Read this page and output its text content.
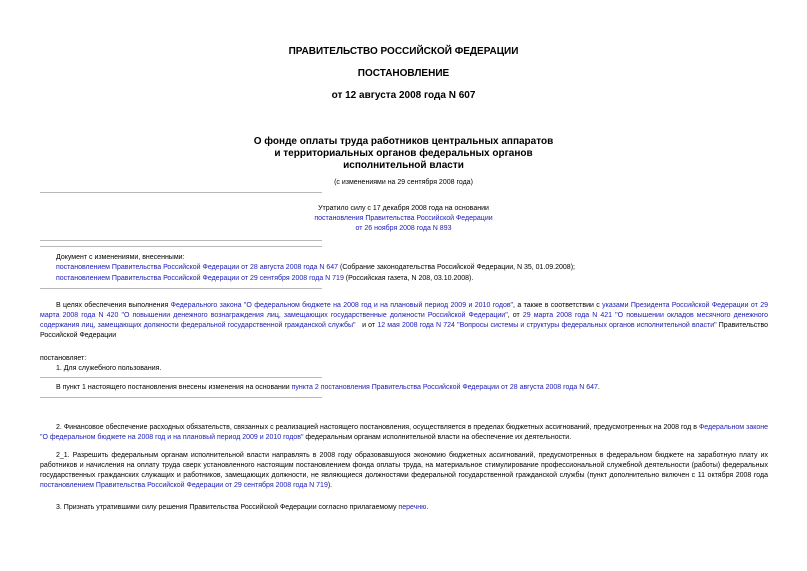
ПРАВИТЕЛЬСТВО РОССИЙСКОЙ ФЕДЕРАЦИИ
ПОСТАНОВЛЕНИЕ
от 12 августа 2008 года N 607
О фонде оплаты труда работников центральных аппаратов
и территориальных органов федеральных органов
исполнительной власти
(с изменениями на 29 сентября 2008 года)
Утратило силу с 17 декабря 2008 года на основании
постановления Правительства Российской Федерации
от 26 ноября 2008 года N 893
Документ с изменениями, внесенными:
постановлением Правительства Российской Федерации от 28 августа 2008 года N 647 (Собрание законодательства Российской Федерации, N 35, 01.09.2008);
постановлением Правительства Российской Федерации от 29 сентября 2008 года N 719 (Российская газета, N 208, 03.10.2008).
В целях обеспечения выполнения Федерального закона "О федеральном бюджете на 2008 год и на плановый период 2009 и 2010 годов", а также в соответствии с указами Президента Российской Федерации от 29 марта 2008 года N 420 "О повышении денежного вознаграждения лиц, замещающих государственные должности Российской Федерации", от 29 марта 2008 года N 421 "О повышении окладов месячного денежного содержания лиц, замещающих должности федеральной государственной гражданской службы"   и от 12 мая 2008 года N 724 "Вопросы системы и структуры федеральных органов исполнительной власти" Правительство Российской Федерации
постановляет:
1. Для служебного пользования.
В пункт 1 настоящего постановления внесены изменения на основании пункта 2 постановления Правительства Российской Федерации от 28 августа 2008 года N 647.
2. Финансовое обеспечение расходных обязательств, связанных с реализацией настоящего постановления, осуществляется в пределах бюджетных ассигнований, предусмотренных на 2008 год в Федеральном законе "О федеральном бюджете на 2008 год и на плановый период 2009 и 2010 годов" федеральным органам исполнительной власти на обеспечение их деятельности.
2_1. Разрешить федеральным органам исполнительной власти направлять в 2008 году образовавшуюся экономию бюджетных ассигнований, предусмотренных в федеральном бюджете на заработную плату их работников и начисления на оплату труда сверх установленного настоящим постановлением фонда оплаты труда, на материальное стимулирование профессиональной служебной деятельности (работы) федеральных государственных гражданских служащих и работников, замещающих должности, не являющиеся должностями федеральной государственной гражданской службы (пункт дополнительно включен с 11 октября 2008 года постановлением Правительства Российской Федерации от 29 сентября 2008 года N 719).
3. Признать утратившими силу решения Правительства Российской Федерации согласно прилагаемому перечню.
